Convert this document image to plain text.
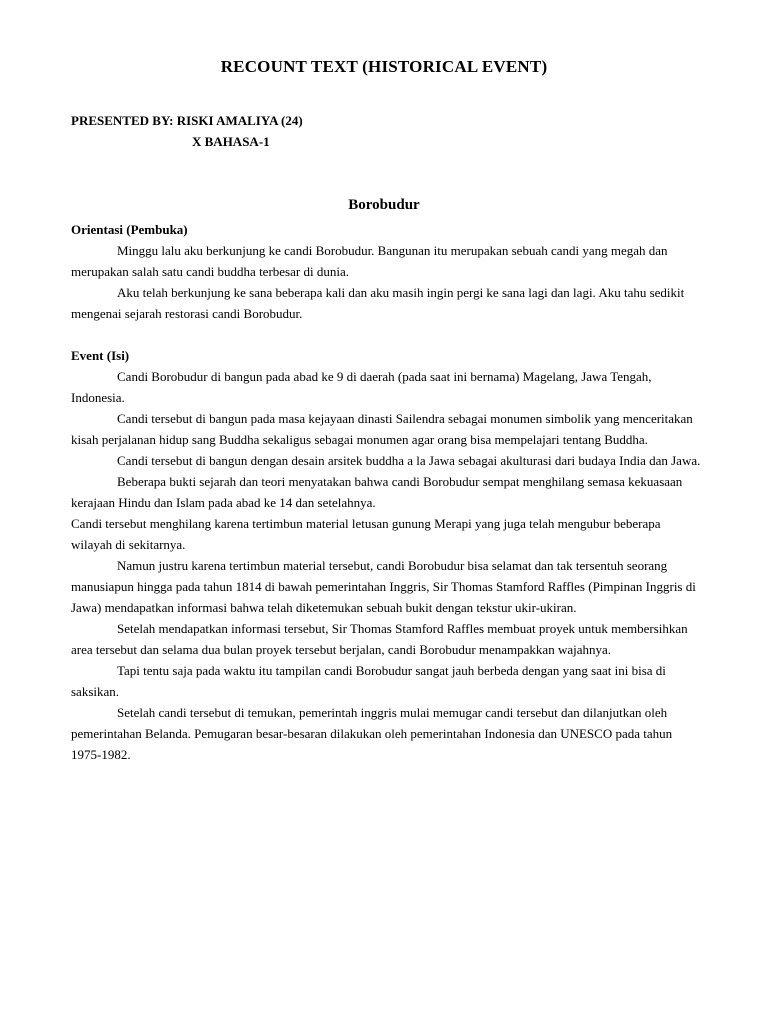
RECOUNT TEXT (HISTORICAL EVENT)
PRESENTED BY: RISKI AMALIYA (24)
X BAHASA-1
Borobudur

Orientasi (Pembuka)

Minggu lalu aku berkunjung ke candi Borobudur. Bangunan itu merupakan sebuah candi yang megah dan merupakan salah satu candi buddha terbesar di dunia.

Aku telah berkunjung ke sana beberapa kali dan aku masih ingin pergi ke sana lagi dan lagi. Aku tahu sedikit mengenai sejarah restorasi candi Borobudur.

Event (Isi)

Candi Borobudur di bangun pada abad ke 9 di daerah (pada saat ini bernama) Magelang, Jawa Tengah, Indonesia.

Candi tersebut di bangun pada masa kejayaan dinasti Sailendra sebagai monumen simbolik yang menceritakan kisah perjalanan hidup sang Buddha sekaligus sebagai monumen agar orang bisa mempelajari tentang Buddha.

Candi tersebut di bangun dengan desain arsitek buddha a la Jawa sebagai akulturasi dari budaya India dan Jawa.

Beberapa bukti sejarah dan teori menyatakan bahwa candi Borobudur sempat menghilang semasa kekuasaan kerajaan Hindu dan Islam pada abad ke 14 dan setelahnya.

Candi tersebut menghilang karena tertimbun material letusan gunung Merapi yang juga telah mengubur beberapa wilayah di sekitarnya.

Namun justru karena tertimbun material tersebut, candi Borobudur bisa selamat dan tak tersentuh seorang manusiapun hingga pada tahun 1814 di bawah pemerintahan Inggris, Sir Thomas Stamford Raffles (Pimpinan Inggris di Jawa) mendapatkan informasi bahwa telah diketemukan sebuah bukit dengan tekstur ukir-ukiran.

Setelah mendapatkan informasi tersebut, Sir Thomas Stamford Raffles membuat proyek untuk membersihkan area tersebut dan selama dua bulan proyek tersebut berjalan, candi Borobudur menampakkan wajahnya.

Tapi tentu saja pada waktu itu tampilan candi Borobudur sangat jauh berbeda dengan yang saat ini bisa di saksikan.

Setelah candi tersebut di temukan, pemerintah inggris mulai memugar candi tersebut dan dilanjutkan oleh pemerintahan Belanda. Pemugaran besar-besaran dilakukan oleh pemerintahan Indonesia dan UNESCO pada tahun 1975-1982.
